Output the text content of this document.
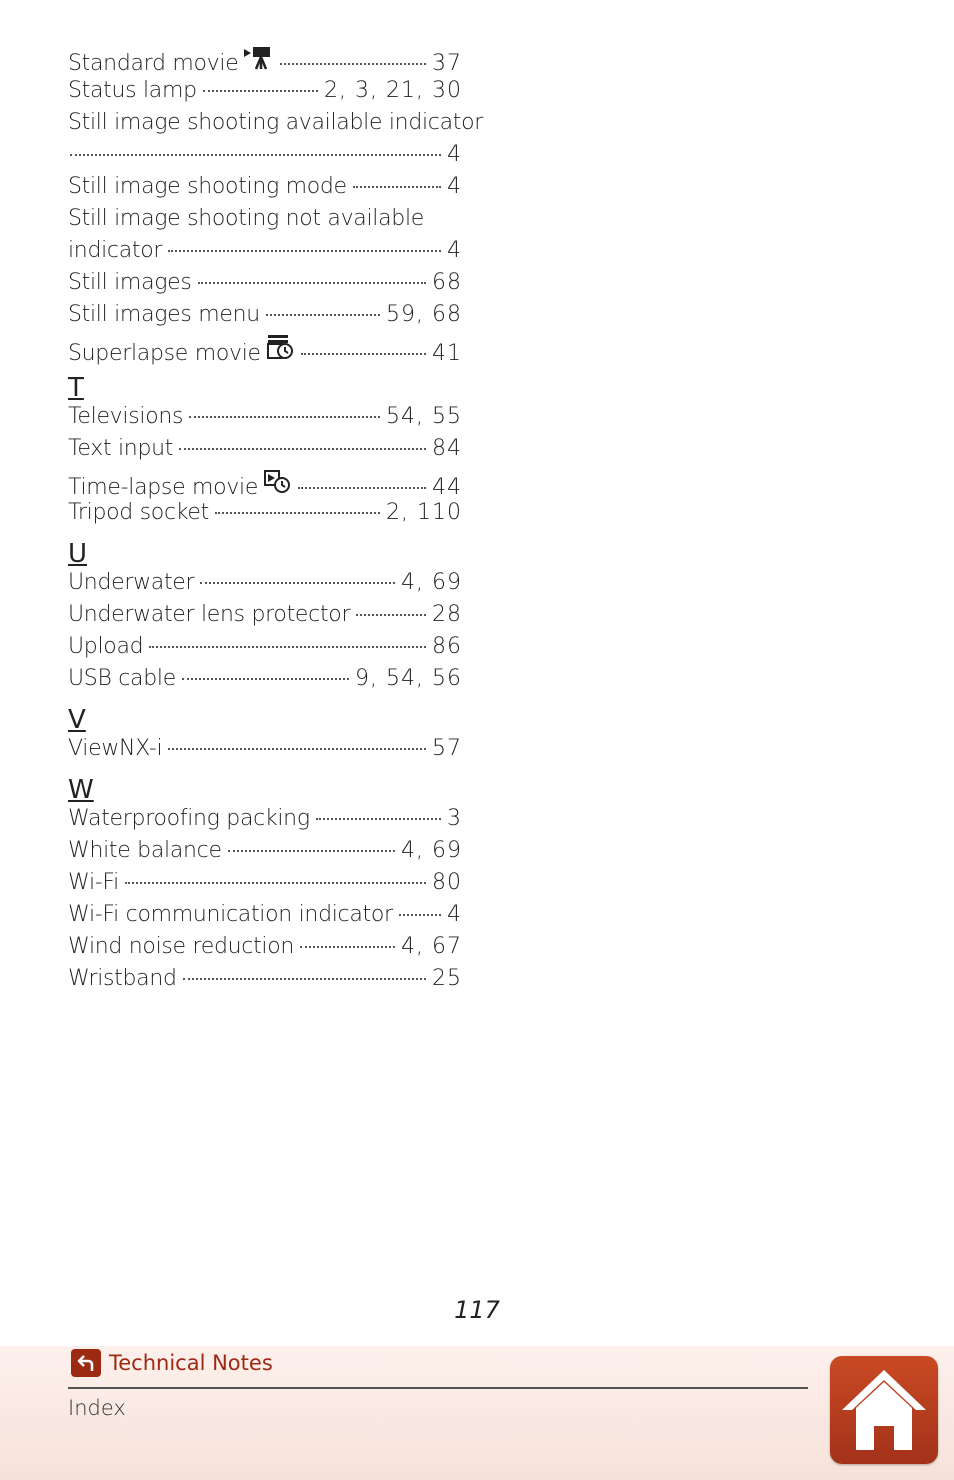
Standard movie	37
Status lamp	2, 3, 21, 30
Still image shooting available indicator
4
Still image shooting mode	4
Still image shooting not available
indicator	4
Still images	68
Still images menu	59, 68
Superlapse movie	41
T
Televisions	54, 55
Text input	84
Time-lapse movie	44
Tripod socket	2, 110
U
Underwater	4, 69
Underwater lens protector	28
Upload	86
USB cable	9, 54, 56
V
ViewNX-i	57
W
Waterproofing packing	3
White balance	4, 69
Wi-Fi	80
Wi-Fi communication indicator 4
Wind noise reduction	4, 67
Wristband	25
117
Technical Notes
Index
